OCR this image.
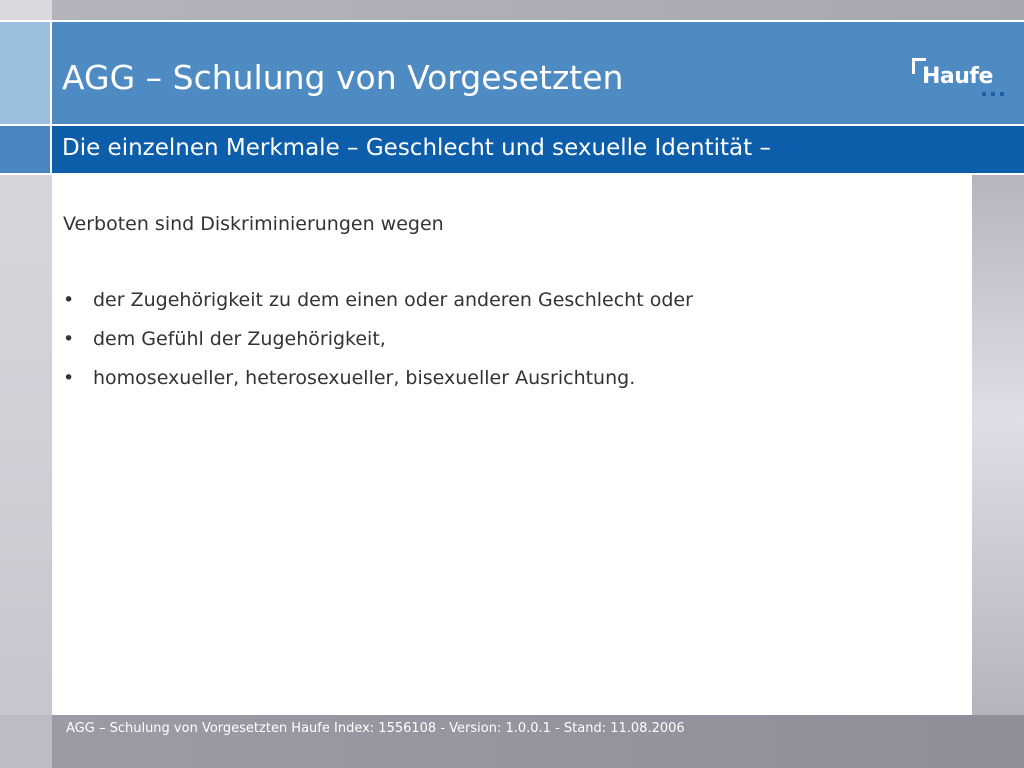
AGG – Schulung von Vorgesetzten	Haufe
Die einzelnen Merkmale – Geschlecht und sexuelle Identität –
Verboten sind Diskriminierungen wegen
• der Zugehörigkeit zu dem einen oder anderen Geschlecht oder
• dem Gefühl der Zugehörigkeit,
• homosexueller, heterosexueller, bisexueller Ausrichtung.
AGG – Schulung von Vorgesetzten Haufe Index: 1556108 - Version: 1.0.0.1 - Stand: 11.08.2006
